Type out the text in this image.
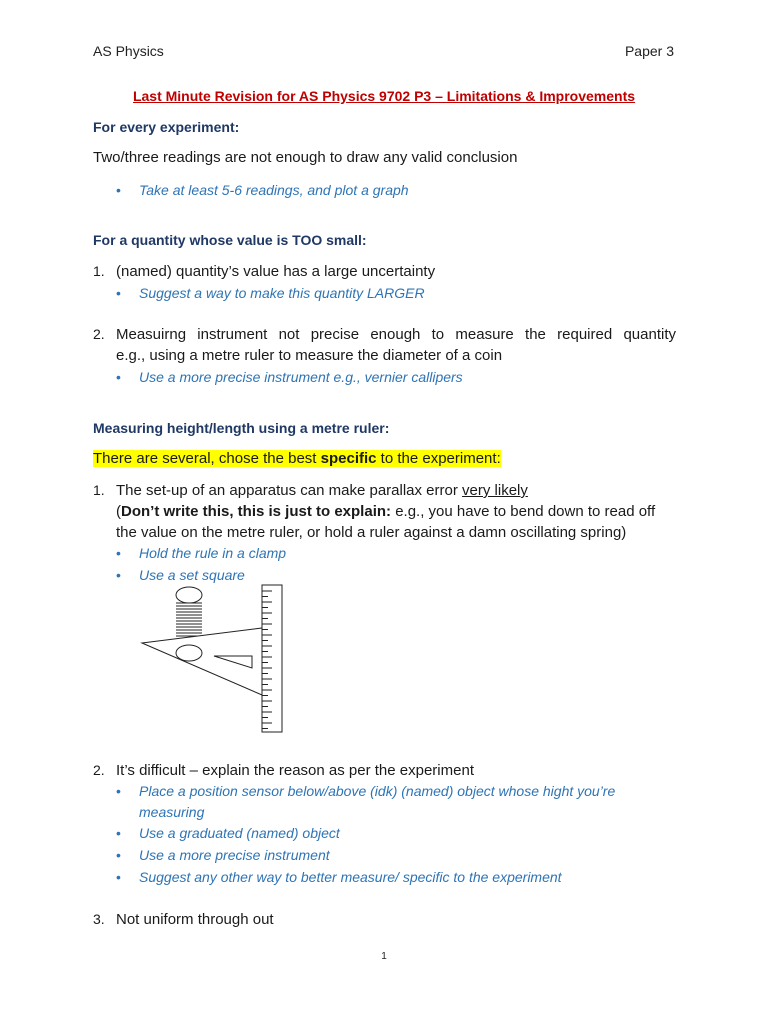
AS Physics	Paper 3
Last Minute Revision for AS Physics 9702 P3 – Limitations & Improvements
For every experiment:
Two/three readings are not enough to draw any valid conclusion
•	Take at least 5-6 readings, and plot a graph
For a quantity whose value is TOO small:
1. (named) quantity’s value has a large uncertainty
•	Suggest a way to make this quantity LARGER
2. Measuirng instrument not precise enough to measure the required quantity
e.g., using a metre ruler to measure the diameter of a coin
•	Use a more precise instrument e.g., vernier callipers
Measuring height/length using a metre ruler:
There are several, chose the best specific to the experiment:
1. The set-up of an apparatus can make parallax error very likely
(Don’t write this, this is just to explain: e.g., you have to bend down to read off
the value on the metre ruler, or hold a ruler against a damn oscillating spring)
•	Hold the rule in a clamp
•	Use a set square
2. It’s difficult – explain the reason as per the experiment
•	Place a position sensor below/above (idk) (named) object whose hight you’re measuring
•	Use a graduated (named) object
•	Use a more precise instrument
•	Suggest any other way to better measure/ specific to the experiment
3. Not uniform through out
1
